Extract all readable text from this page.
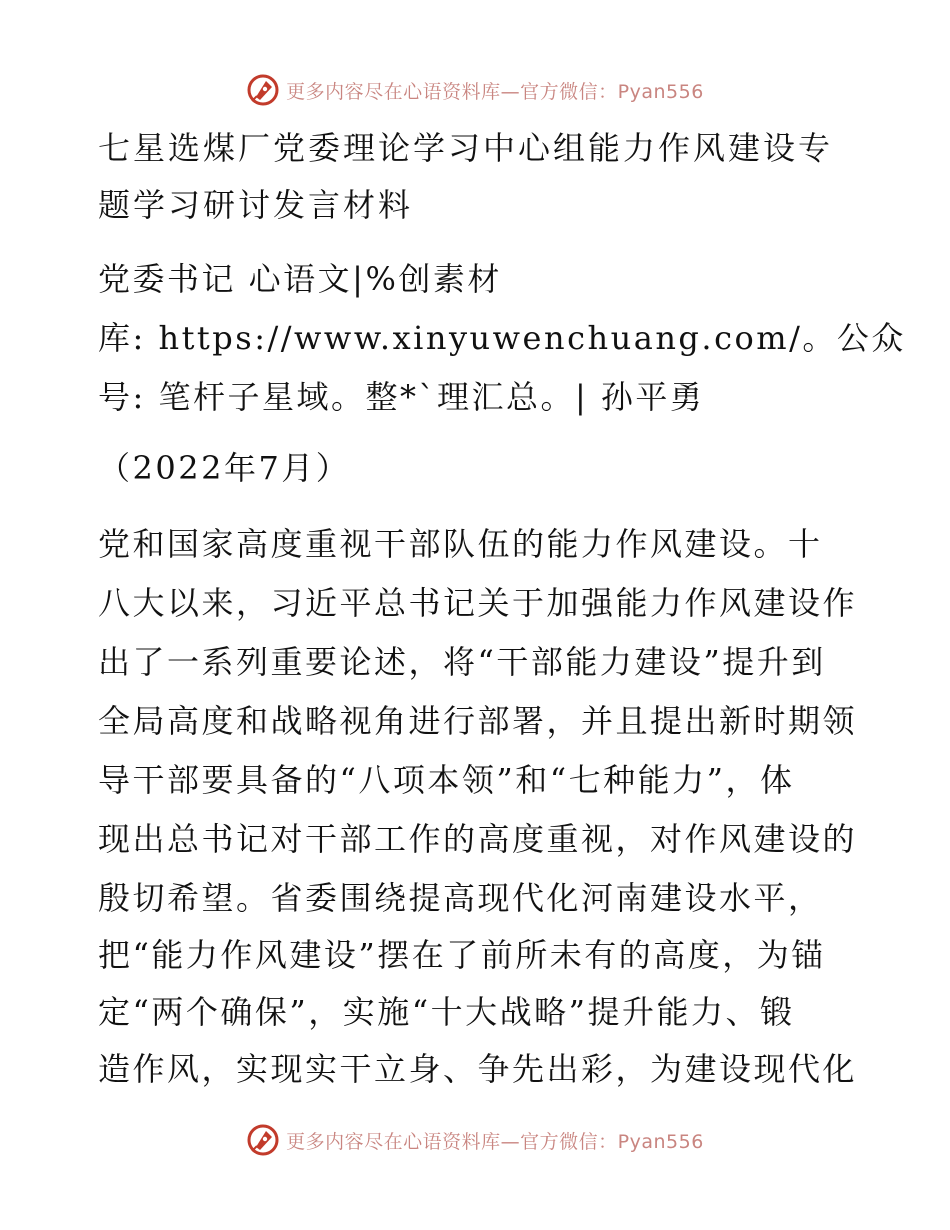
更多内容尽在心语资料库—官方微信：Pyan556
七星选煤厂党委理论学习中心组能力作风建设专
题学习研讨发言材料
党委书记 心语文|%创素材
库: https://www.xinyuwenchuang.com/。公众
号: 笔杆子星域。整*`理汇总。| 孙平勇
（2022年7月）
党和国家高度重视干部队伍的能力作风建设。十
八大以来，习近平总书记关于加强能力作风建设作
出了一系列重要论述，将“干部能力建设”提升到
全局高度和战略视角进行部署，并且提出新时期领
导干部要具备的“八项本领”和“七种能力”，体
现出总书记对干部工作的高度重视，对作风建设的
殷切希望。省委围绕提高现代化河南建设水平，
把“能力作风建设”摆在了前所未有的高度，为锚
定“两个确保”，实施“十大战略”提升能力、锻
造作风，实现实干立身、争先出彩，为建设现代化
更多内容尽在心语资料库—官方微信：Pyan556
